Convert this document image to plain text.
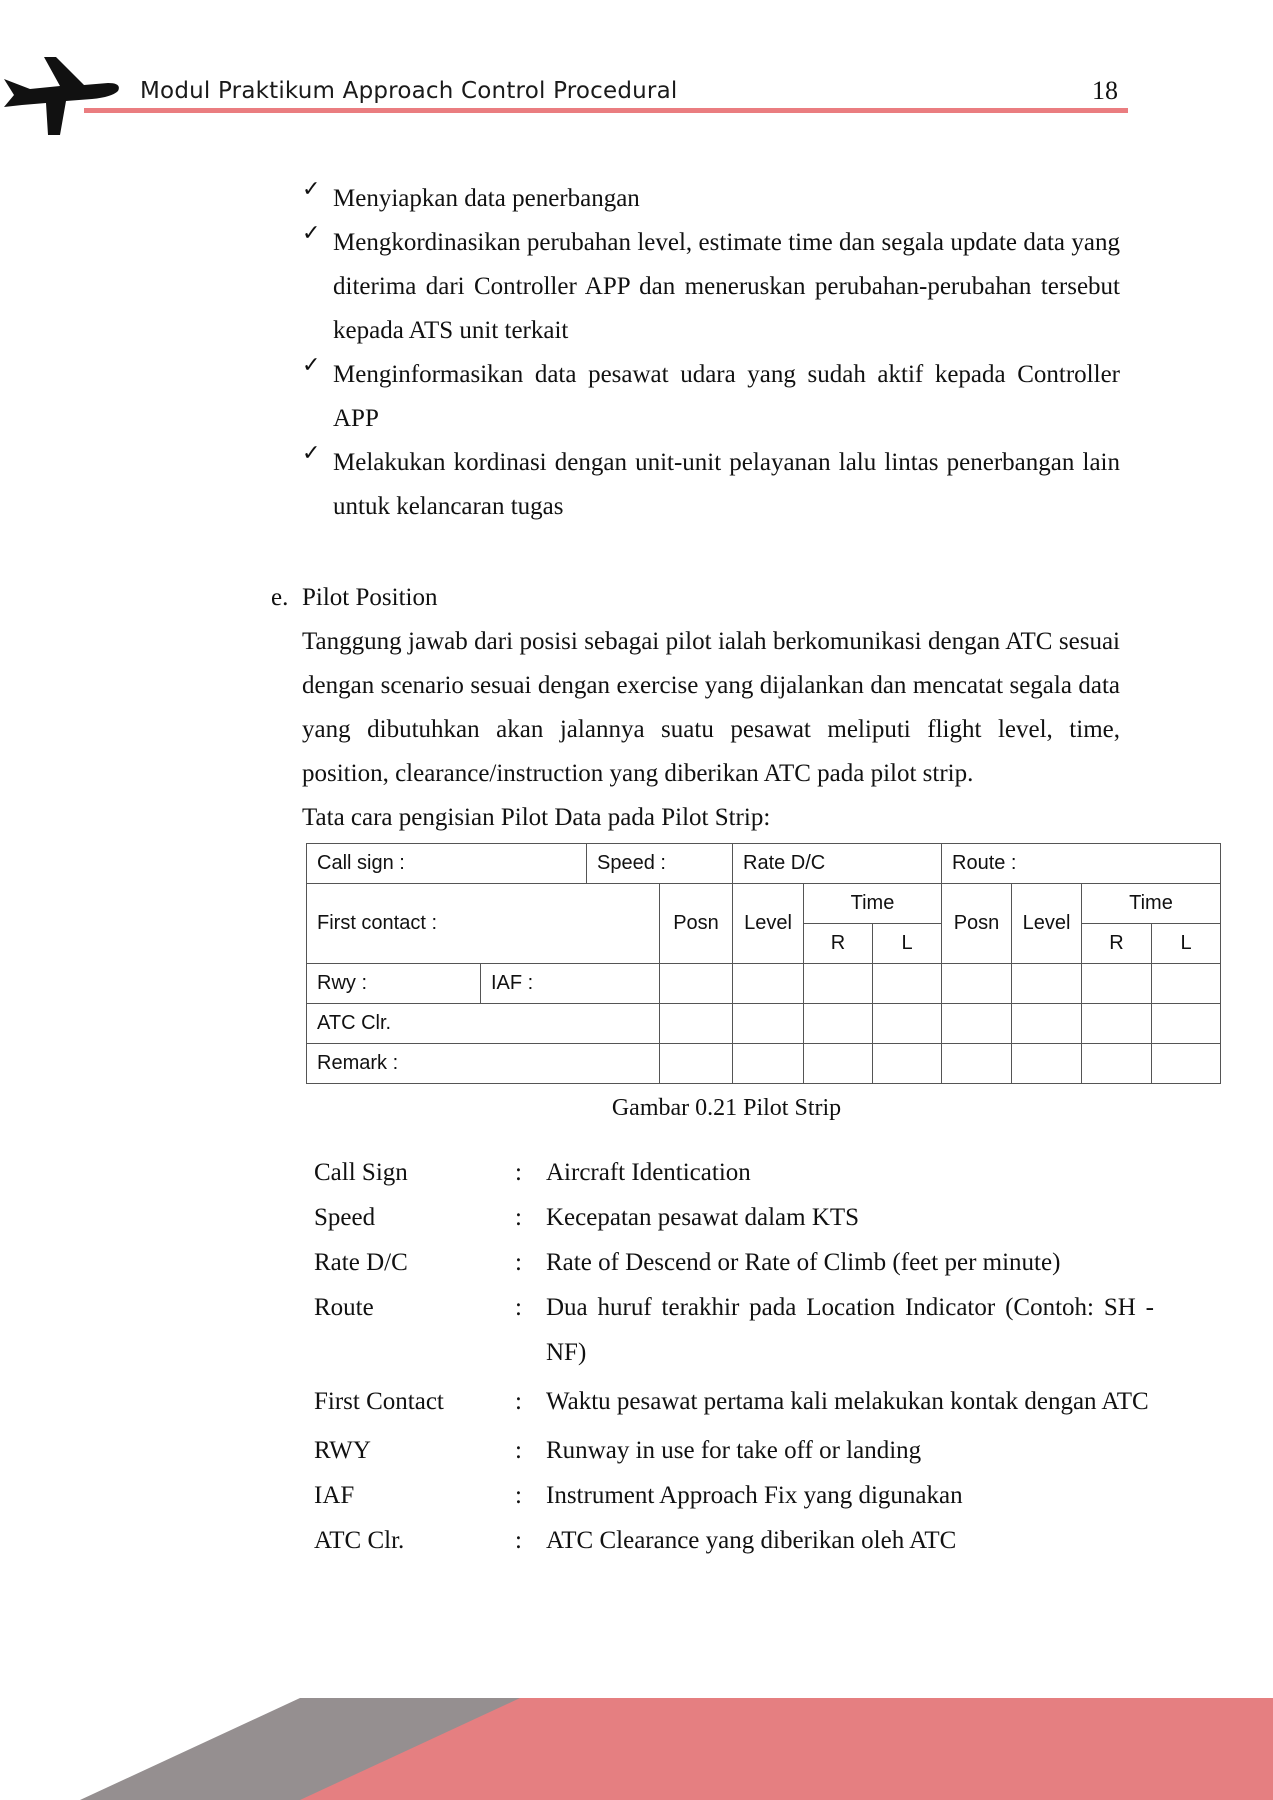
Modul Praktikum Approach Control Procedural	18
✓ Menyiapkan data penerbangan
✓ Mengkordinasikan perubahan level, estimate time dan segala update data yang diterima dari Controller APP dan meneruskan perubahan-perubahan tersebut kepada ATS unit terkait
✓ Menginformasikan data pesawat udara yang sudah aktif kepada Controller APP
✓ Melakukan kordinasi dengan unit-unit pelayanan lalu lintas penerbangan lain untuk kelancaran tugas
e. Pilot Position
Tanggung jawab dari posisi sebagai pilot ialah berkomunikasi dengan ATC sesuai dengan scenario sesuai dengan exercise yang dijalankan dan mencatat segala data yang dibutuhkan akan jalannya suatu pesawat meliputi flight level, time, position, clearance/instruction yang diberikan ATC pada pilot strip.
Tata cara pengisian Pilot Data pada Pilot Strip:
Call sign :		Speed :		Rate D/C			Route :			
First contact :			Posn	Level	Time		Posn	Level	Time	
					R	L			R	L
Rwy :	IAF :									
ATC Clr.										
Remark :										
Gambar 0.21 Pilot Strip
Call Sign	: Aircraft Identication
Speed	: Kecepatan pesawat dalam KTS
Rate D/C	: Rate of Descend or Rate of Climb (feet per minute)
Route	: Dua huruf terakhir pada Location Indicator (Contoh: SH - NF)
First Contact	: Waktu pesawat pertama kali melakukan kontak dengan ATC
RWY	: Runway in use for take off or landing
IAF	: Instrument Approach Fix yang digunakan
ATC Clr.	: ATC Clearance yang diberikan oleh ATC
